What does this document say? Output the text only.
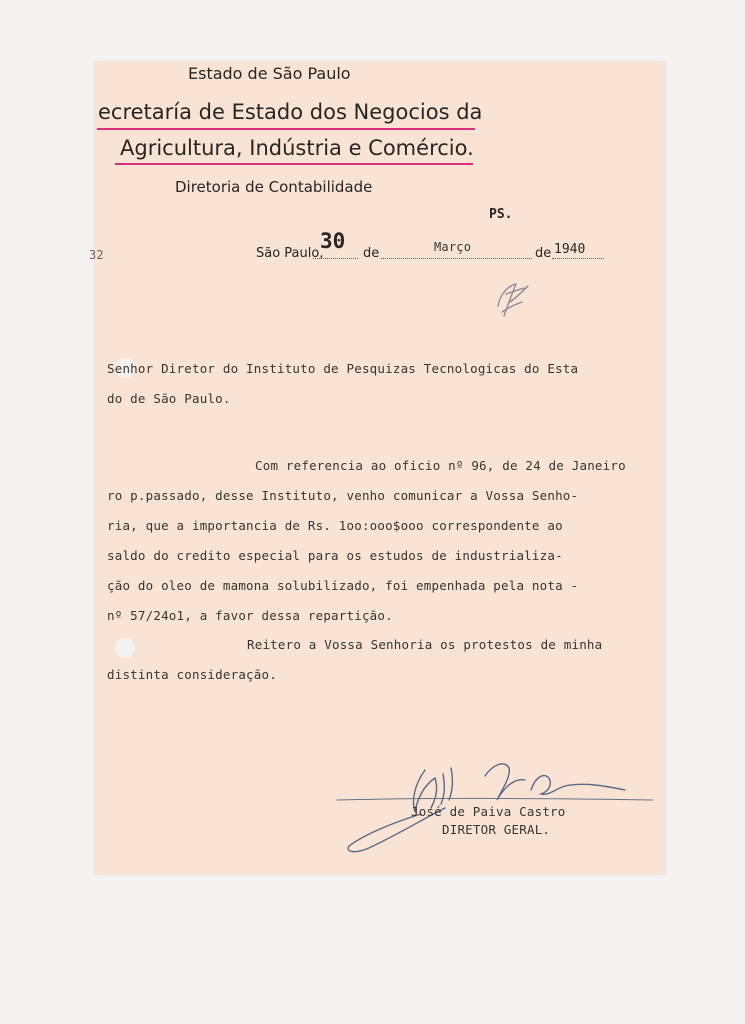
Estado de São Paulo
ecretaría de Estado dos Negocios da
Agricultura, Indústria e Comércio.
Diretoria de Contabilidade
PS.
32	São Paulo,
30
de	Março	de 1940
Senhor Diretor do Instituto de Pesquizas Tecnologicas do Esta
do de São Paulo.
Com referencia ao oficio nº 96, de 24 de Janeiro
ro p.passado, desse Instituto, venho comunicar a Vossa Senho-
ria, que a importancia de Rs. 1oo:ooo$ooo correspondente ao
saldo do credito especial para os estudos de industrializa-
ção do oleo de mamona solubilizado, foi empenhada pela nota -
nº 57/24o1, a favor dessa repartição.
Reitero a Vossa Senhoria os protestos de minha
distinta consideração.
José de Paiva Castro
DIRETOR GERAL.
